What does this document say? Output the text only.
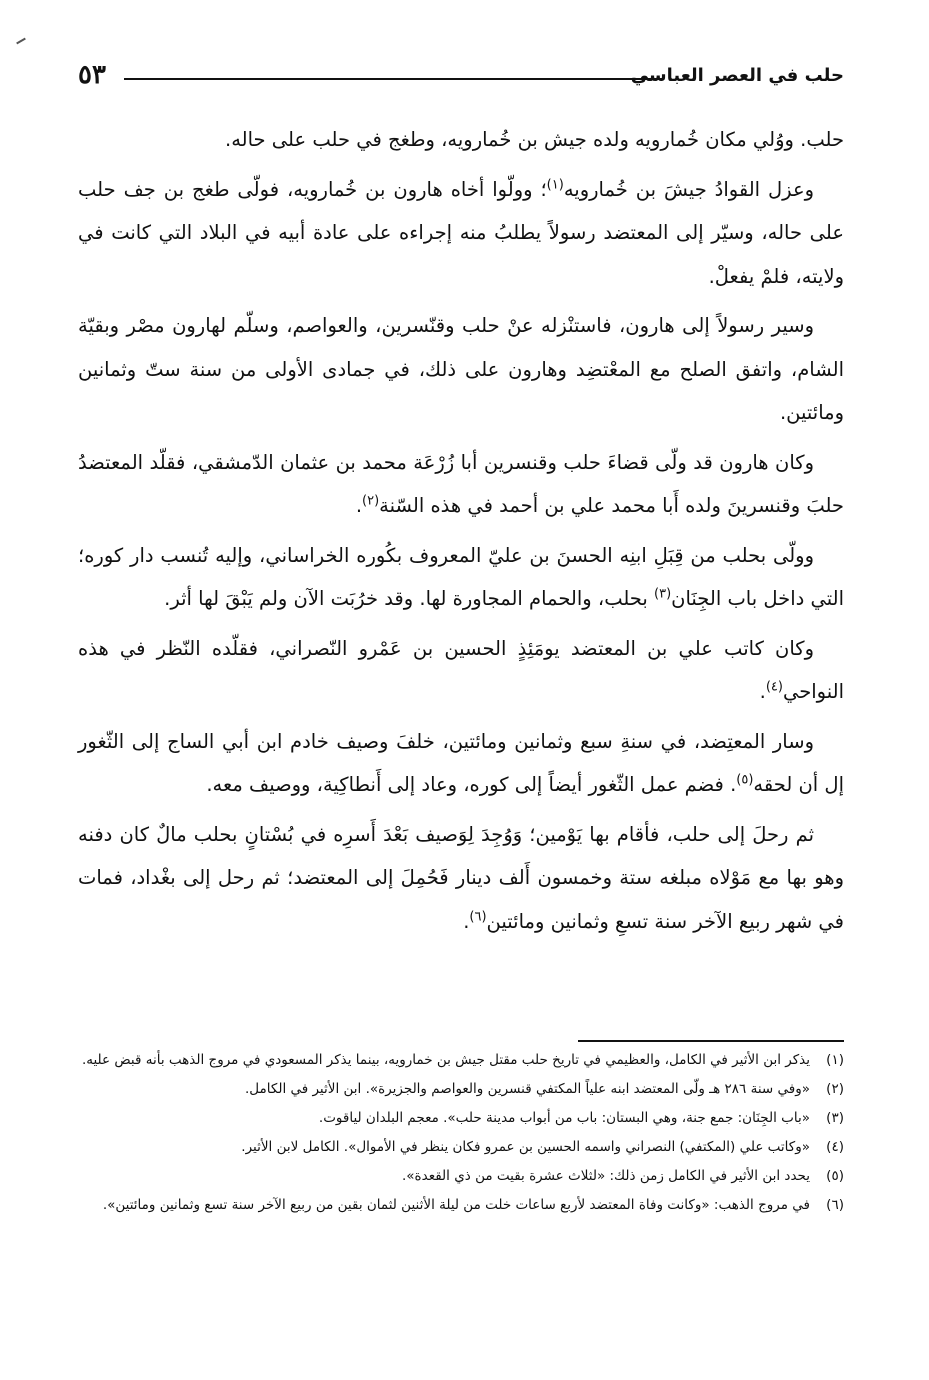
٥٣	حلب في العصر العباسي

حلب. ووُلي مكان خُمارويه ولده جيش بن خُمارويه، وطغج في حلب على حاله.

وعزل القوادُ جيشَ بن خُمارويه$^{(١)}$؛ وولّوا أخاه هارون بن خُمارويه، فولّى طغج بن جف حلب على حاله، وسيّر إلى المعتضد رسولاً يطلبُ منه إجراءه على عادة أبيه في البلاد التي كانت في ولايته، فلمْ يفعلْ.

وسير رسولاً إلى هارون، فاستنْزله عنْ حلب وقنّسرين، والعواصم، وسلّم لهارون مصْر وبقيّة الشام، واتفق الصلح مع المعْتضِد وهارون على ذلك، في جمادى الأولى من سنة ستّ وثمانين ومائتين.

وكان هارون قد ولّى قضاءَ حلب وقنسرين أبا زُرْعَة محمد بن عثمان الدّمشقي، فقلّد المعتضدُ حلبَ وقنسرينَ ولده أَبا محمد علي بن أحمد في هذه السّنة$^{(٢)}$.

وولّى بحلب من قِبَلِ ابنِه الحسنَ بن عليّ المعروف بكُوره الخراساني، وإليه تُنسب دار كوره؛ التي داخل باب الجِنَان$^{(٣)}$ بحلب، والحمام المجاورة لها. وقد خرُبَت الآن ولم يَبْقَ لها أثر.

وكان كاتب علي بن المعتضد يومَئِذٍ الحسين بن عَمْرو النّصراني، فقلّده النّظر في هذه النواحي$^{(٤)}$.

وسار المعتِضد، في سنةِ سبع وثمانين ومائتين، خلفَ وصيف خادم ابن أبي الساج إلى الثّغور إل أن لحقه$^{(٥)}$. فضم عمل الثّغور أيضاً إلى كوره، وعاد إلى أَنطاكِية، ووصيف معه.

ثم رحلَ إلى حلب، فأقام بها يَوْمين؛ وَوُجِدَ لِوَصيف بَعْدَ أَسرِه في بُسْتانٍ بحلب مالٌ كان دفنه وهو بها مع مَوْلاه مبلغه ستة وخمسون أَلف دينار فَحُمِلَ إلى المعتضد؛ ثم رحل إلى بغْداد، فمات في شهر ربيع الآخر سنة تسعِ وثمانين ومائتين$^{(٦)}$.

(١)
يذكر ابن الأثير في الكامل، والعظيمي في تاريخ حلب مقتل جيش بن خمارويه، بينما يذكر المسعودي في مروج الذهب بأنه قبض عليه.
(٢)
«وفي سنة ٢٨٦ هـ ولّى المعتضد ابنه علياً المكتفي قنسرين والعواصم والجزيرة». ابن الأثير في الكامل.
(٣)
«باب الجِنَان: جمع جنة، وهي البستان: باب من أبواب مدينة حلب». معجم البلدان لياقوت.
(٤)
«وكاتب علي (المكتفي) النصراني واسمه الحسين بن عمرو فكان ينظر في الأموال». الكامل لابن الأثير.
(٥)
يحدد ابن الأثير في الكامل زمن ذلك: «لثلاث عشرة بقيت من ذي القعدة».
(٦)
في مروج الذهب: «وكانت وفاة المعتضد لأربع ساعات خلت من ليلة الأثنين لثمان بقين من ربيع الآخر سنة تسع وثمانين ومائتين».
